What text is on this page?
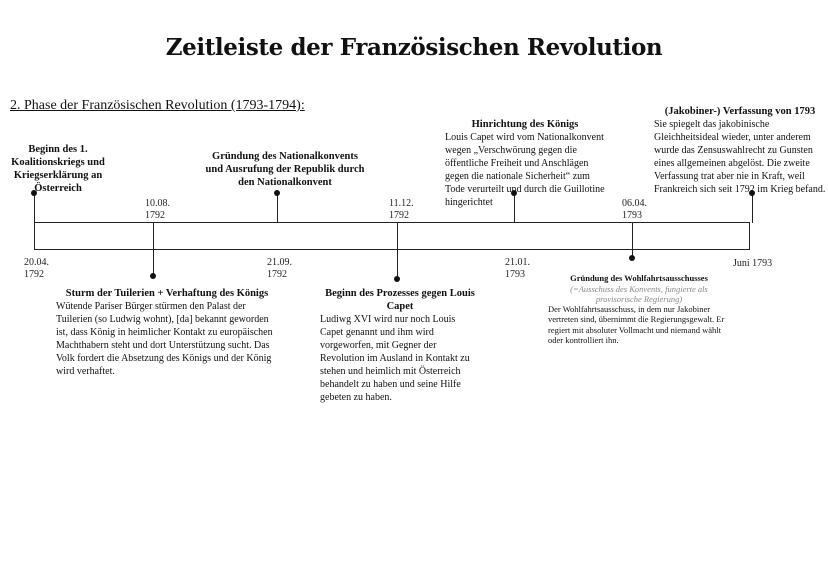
Zeitleiste der Französischen Revolution
2. Phase der Französischen Revolution (1793-1794):
20.04.
1792
10.08.
1792
21.09.
1792
11.12.
1792
21.01.
1793
06.04.
1793
Juni 1793
Beginn des 1. Koalitionskriegs und Kriegserklärung an Österreich
Sturm der Tuilerien + Verhaftung des Königs
Wütende Pariser Bürger stürmen den Palast der Tuilerien (so Ludwig wohnt), [da] bekannt geworden ist, dass König in heimlicher Kontakt zu europäischen Machthabern steht und dort Unterstützung sucht. Das Volk fordert die Absetzung des Königs und der König wird verhaftet.
Gründung des Nationalkonvents und Ausrufung der Republik durch den Nationalkonvent
Beginn des Prozesses gegen Louis Capet
Ludiwg XVI wird nur noch Louis Capet genannt und ihm wird vorgeworfen, mit Gegner der Revolution im Ausland in Kontakt zu stehen und heimlich mit Österreich behandelt zu haben und seine Hilfe gebeten zu haben.
Hinrichtung des Königs
Louis Capet wird vom Nationalkonvent wegen „Verschwörung gegen die öffentliche Freiheit und Anschlägen gegen die nationale Sicherheit“ zum Tode verurteilt und durch die Guillotine hingerichtet
Gründung des Wohlfahrtsausschusses
(=Ausschuss des Konvents, fungierte als provisorische Regierung)
Der Wohlfahrtsausschuss, in dem nur Jakobiner vertreten sind, übernimmt die Regierungsgewalt. Er regiert mit absoluter Vollmacht und niemand wählt oder kontrolliert ihn.
(Jakobiner-) Verfassung von 1793
Sie spiegelt das jakobinische Gleichheitsideal wieder, unter anderem wurde das Zensuswahlrecht zu Gunsten eines allgemeinen abgelöst. Die zweite Verfassung trat aber nie in Kraft, weil Frankreich sich seit 1792 im Krieg befand.
